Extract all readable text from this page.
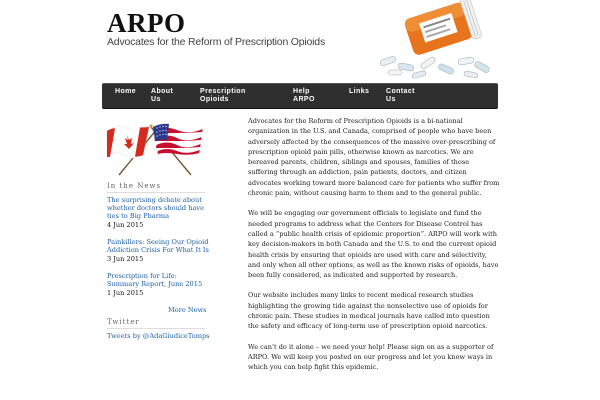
ARPO
Advocates for the Reform of Prescription Opioids
Home About
Us
Prescription
Opioids
Help
ARPO
Links Contact
Us
In the News
The surprising debate about
whether doctors should have
ties to Big Pharma
4 Jun 2015
Painkillers: Seeing Our Opioid
Addiction Crisis For What It Is
3 Jun 2015
Prescription for Life:
Summary Report, June 2015
1 Jun 2015
More News
Twitter
Tweets by @AdaGiudiceTomps

Advocates for the Reform of Prescription Opioids is a bi-national organization in the U.S. and Canada, comprised of people who have been adversely affected by the consequences of the massive over-prescribing of prescription opioid pain pills, otherwise known as narcotics. We are bereaved parents, children, siblings and spouses, families of those suffering through an addiction, pain patients, doctors, and citizen advocates working toward more balanced care for patients who suffer from chronic pain, without causing harm to them and to the general public.

We will be engaging our government officials to legislate and fund the needed programs to address what the Centers for Disease Control has called a “public health crisis of epidemic proportion”. ARPO will work with key decision-makers in both Canada and the U.S. to end the current opioid health crisis by ensuring that opioids are used with care and selectivity, and only when all other options, as well as the known risks of opioids, have been fully considered, as indicated and supported by research.

Our website includes many links to recent medical research studies highlighting the growing tide against the nonselective use of opioids for chronic pain. These studies in medical journals have called into question the safety and efficacy of long-term use of prescription opioid narcotics.

We can’t do it alone – we need your help! Please sign on as a supporter of ARPO. We will keep you posted on our progress and let you know ways in which you can help fight this epidemic.
